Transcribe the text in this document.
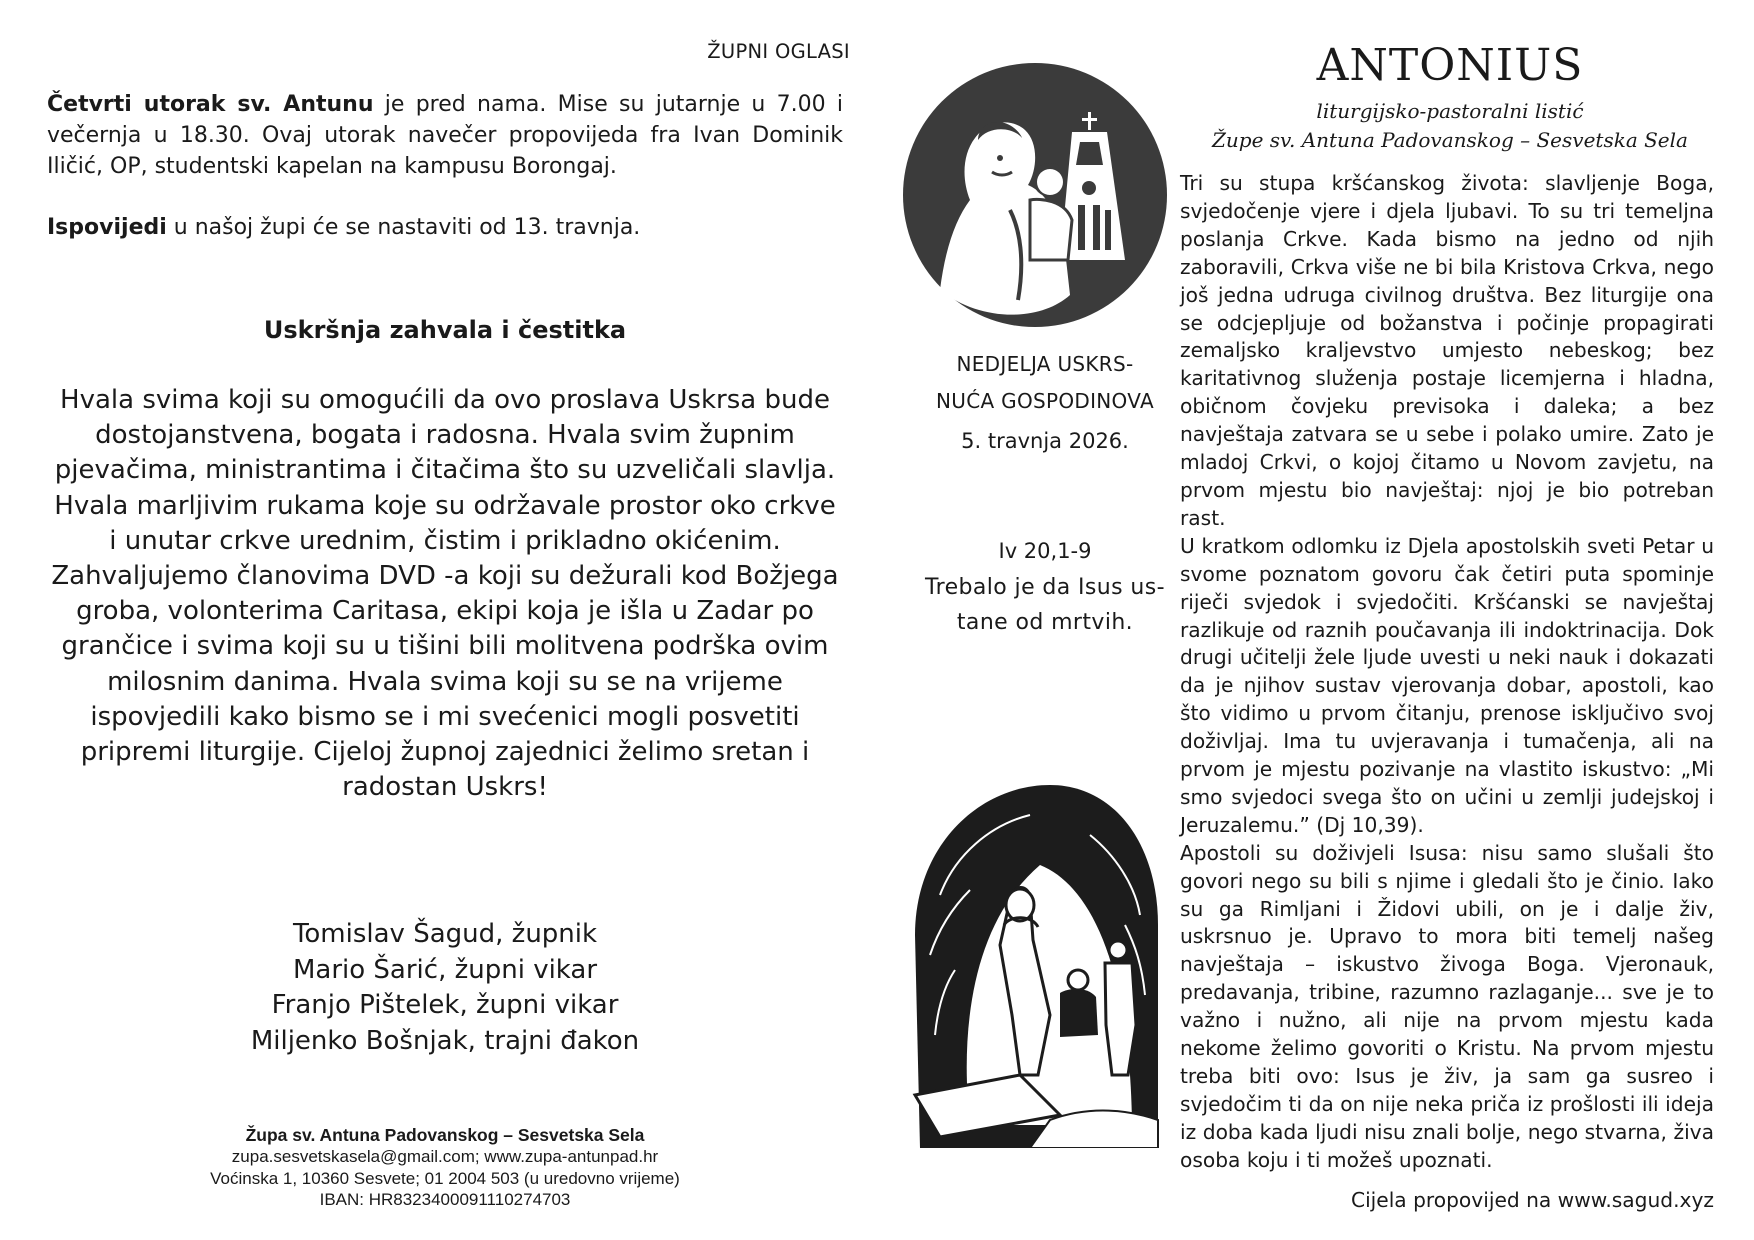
ŽUPNI OGLASI
Četvrti utorak sv. Antunu je pred nama. Mise su jutarnje u 7.00 i večernja u 18.30. Ovaj utorak navečer propovijeda fra Ivan Dominik Iličić, OP, studentski kapelan na kampusu Borongaj.
Ispovijedi u našoj župi će se nastaviti od 13. travnja.
Uskršnja zahvala i čestitka
Hvala svima koji su omogućili da ovo proslava Uskrsa bude dostojanstvena, bogata i radosna. Hvala svim župnim pjevačima, ministrantima i čitačima što su uzveličali slavlja. Hvala marljivim rukama koje su održavale prostor oko crkve i unutar crkve urednim, čistim i prikladno okićenim. Zahvaljujemo članovima DVD -a koji su dežurali kod Božjega groba, volonterima Caritasa, ekipi koja je išla u Zadar po grančice i svima koji su u tišini bili molitvena podrška ovim milosnim danima. Hvala svima koji su se na vrijeme ispovjedili kako bismo se i mi svećenici mogli posvetiti pripremi liturgije. Cijeloj župnoj zajednici želimo sretan i radostan Uskrs!
Tomislav Šagud, župnik
Mario Šarić, župni vikar
Franjo Pištelek, župni vikar
Miljenko Bošnjak, trajni đakon
Župa sv. Antuna Padovanskog – Sesvetska Sela
zupa.sesvetskasela@gmail.com; www.zupa-antunpad.hr
Voćinska 1, 10360 Sesvete; 01 2004 503 (u uredovno vrijeme)
IBAN: HR8323400091110274703
NEDJELJA USKRS-
NUĆA GOSPODINOVA
5. travnja 2026.
Iv 20,1-9
Trebalo je da Isus us-
tane od mrtvih.
ANTONIUS
liturgijsko-pastoralni listić
Župe sv. Antuna Padovanskog – Sesvetska Sela

Tri su stupa kršćanskog života: slavljenje Boga, svjedočenje vjere i djela ljubavi. To su tri temeljna poslanja Crkve. Kada bismo na jedno od njih zaboravili, Crkva više ne bi bila Kristova Crkva, nego još jedna udruga civilnog društva. Bez liturgije ona se odcjepljuje od božanstva i počinje propagirati zemaljsko kraljevstvo umjesto nebeskog; bez karitativnog služenja postaje licemjerna i hladna, običnom čovjeku previsoka i daleka; a bez navještaja zatvara se u sebe i polako umire. Zato je mladoj Crkvi, o kojoj čitamo u Novom zavjetu, na prvom mjestu bio navještaj: njoj je bio potreban rast.

U kratkom odlomku iz Djela apostolskih sveti Petar u svome poznatom govoru čak četiri puta spominje riječi svjedok i svjedočiti. Kršćanski se navještaj razlikuje od raznih poučavanja ili indoktrinacija. Dok drugi učitelji žele ljude uvesti u neki nauk i dokazati da je njihov sustav vjerovanja dobar, apostoli, kao što vidimo u prvom čitanju, prenose isključivo svoj doživljaj. Ima tu uvjeravanja i tumačenja, ali na prvom je mjestu pozivanje na vlastito iskustvo: „Mi smo svjedoci svega što on učini u zemlji judejskoj i Jeruzalemu.” (Dj 10,39).

Apostoli su doživjeli Isusa: nisu samo slušali što govori nego su bili s njime i gledali što je činio. Iako su ga Rimljani i Židovi ubili, on je i dalje živ, uskrsnuo je. Upravo to mora biti temelj našeg navještaja – iskustvo živoga Boga. Vjeronauk, predavanja, tribine, razumno razlaganje... sve je to važno i nužno, ali nije na prvom mjestu kada nekome želimo govoriti o Kristu. Na prvom mjestu treba biti ovo: Isus je živ, ja sam ga susreo i svjedočim ti da on nije neka priča iz prošlosti ili ideja iz doba kada ljudi nisu znali bolje, nego stvarna, živa osoba koju i ti možeš upoznati.

Cijela propovijed na www.sagud.xyz
